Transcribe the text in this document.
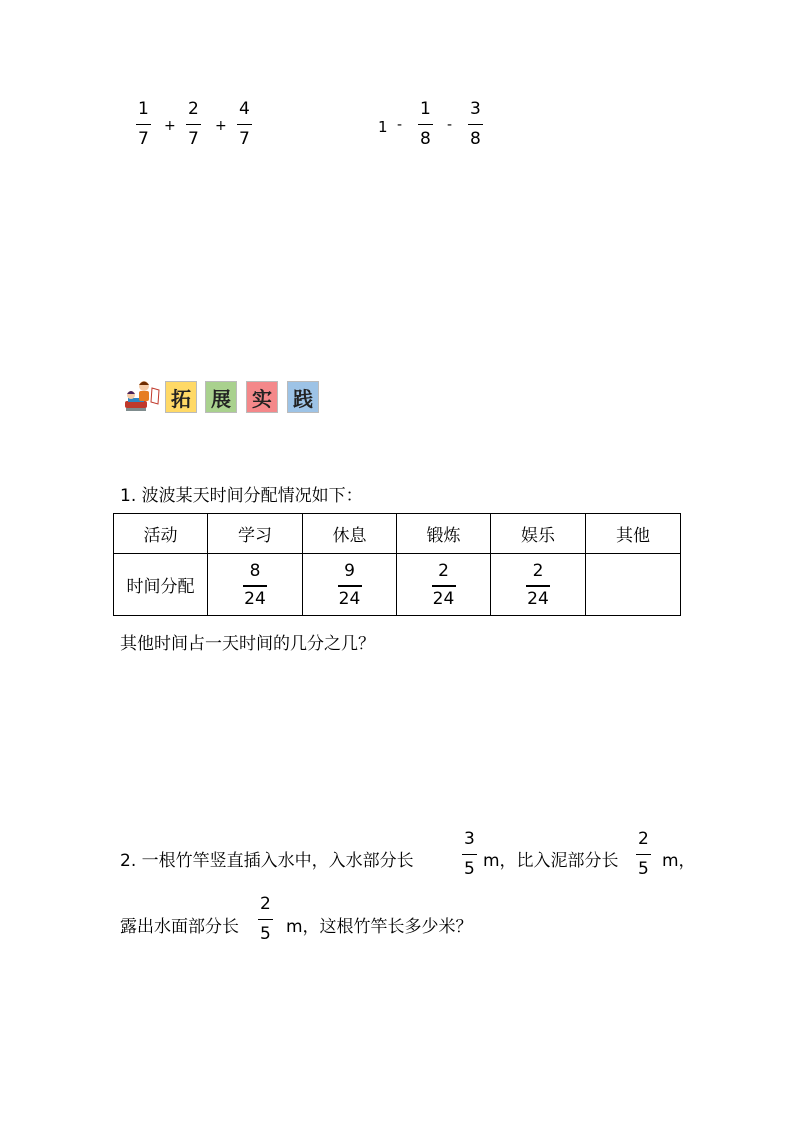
1
7
+
2
7
+
4
7
1 -
1
8
-
3
8
拓	展	实	践
1. 波波某天时间分配情况如下：
活动	学习	休息	锻炼	娱乐	其他
时间分配	$\frac{8}{24}$	$\frac{9}{24}$	$\frac{2}{24}$	$\frac{2}{24}$

其他时间占一天时间的几分之几？
2. 一根竹竿竖直插入水中，入水部分长
3
5 m，比入泥部分长
2
5 m，
露出水面部分长
2
5 m，这根竹竿长多少米？
